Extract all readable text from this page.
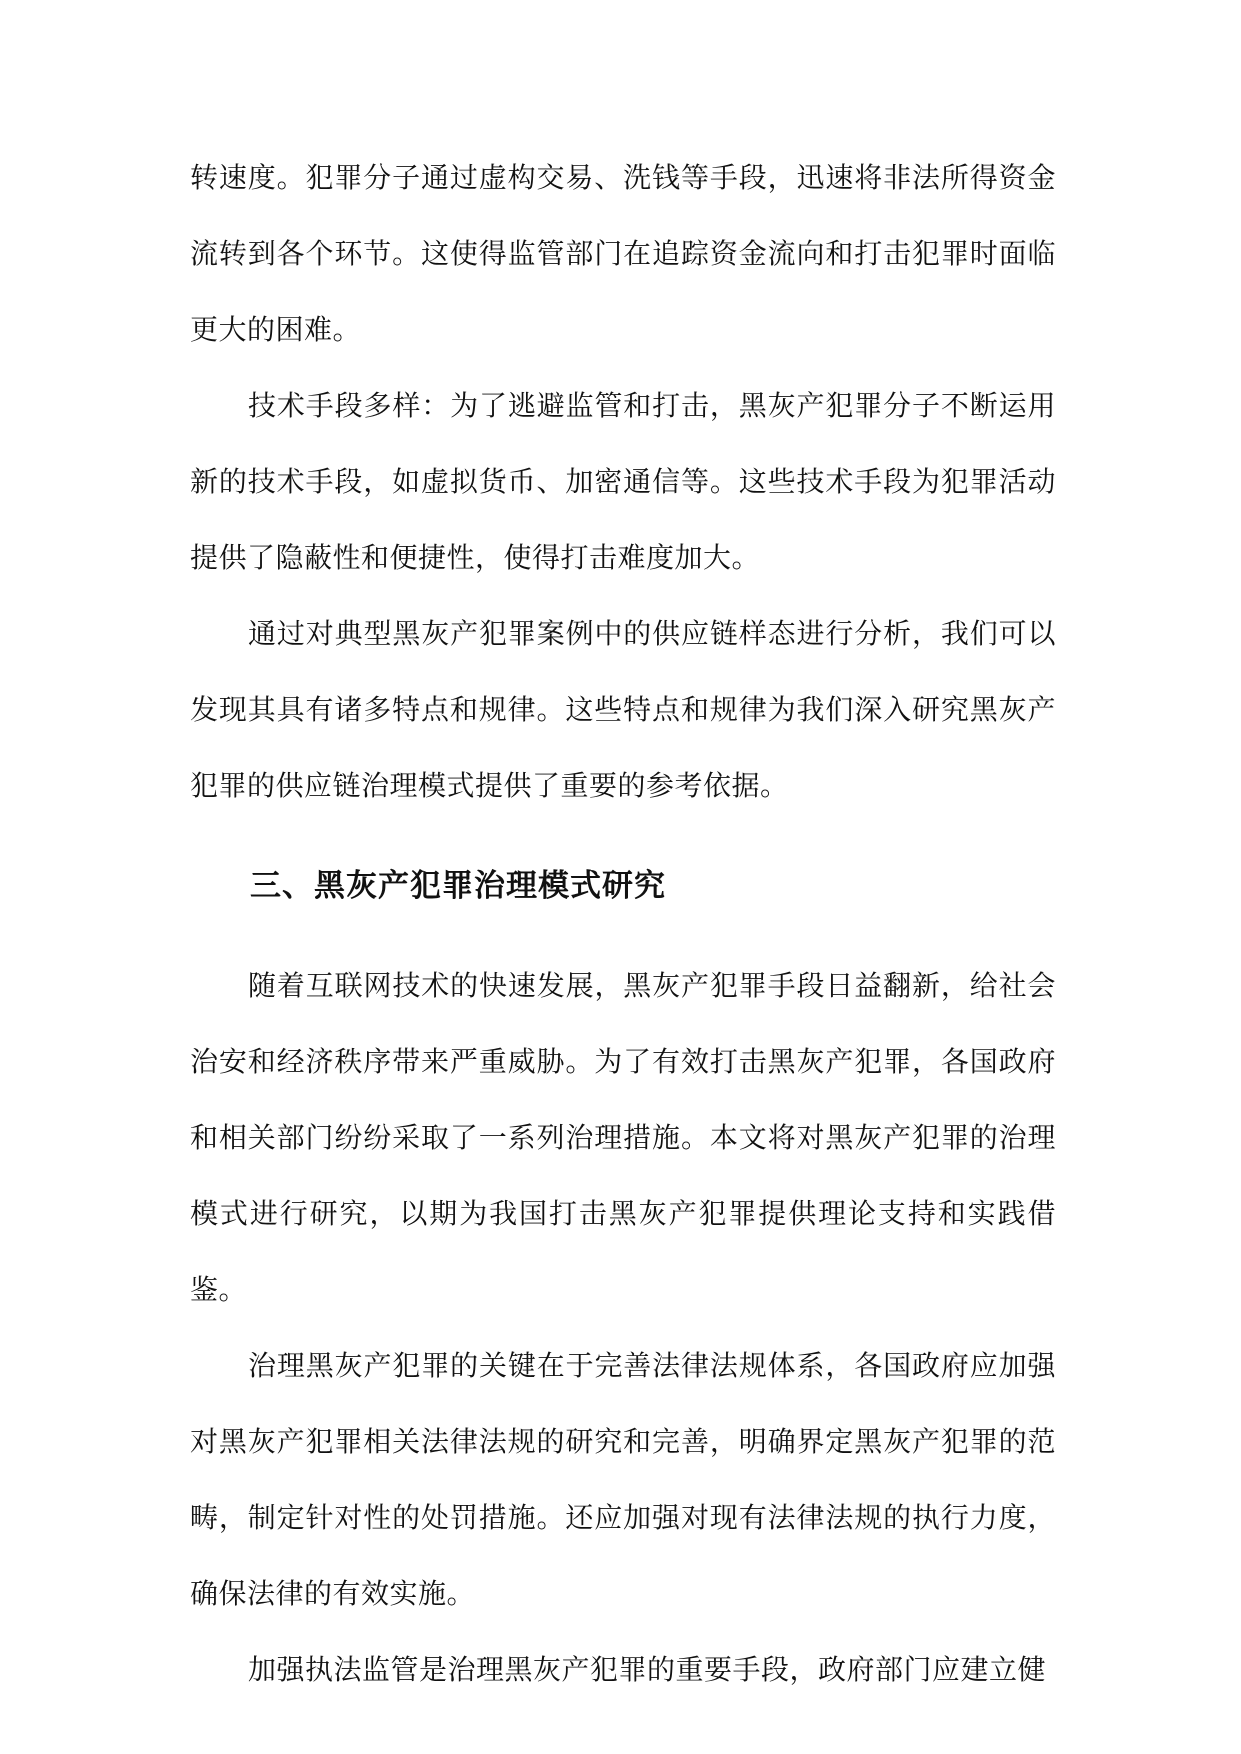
转速度。犯罪分子通过虚构交易、洗钱等手段，迅速将非法所得资金流转到各个环节。这使得监管部门在追踪资金流向和打击犯罪时面临更大的困难。

技术手段多样：为了逃避监管和打击，黑灰产犯罪分子不断运用新的技术手段，如虚拟货币、加密通信等。这些技术手段为犯罪活动提供了隐蔽性和便捷性，使得打击难度加大。

通过对典型黑灰产犯罪案例中的供应链样态进行分析，我们可以发现其具有诸多特点和规律。这些特点和规律为我们深入研究黑灰产犯罪的供应链治理模式提供了重要的参考依据。

三、黑灰产犯罪治理模式研究

随着互联网技术的快速发展，黑灰产犯罪手段日益翻新，给社会治安和经济秩序带来严重威胁。为了有效打击黑灰产犯罪，各国政府和相关部门纷纷采取了一系列治理措施。本文将对黑灰产犯罪的治理模式进行研究，以期为我国打击黑灰产犯罪提供理论支持和实践借鉴。

治理黑灰产犯罪的关键在于完善法律法规体系，各国政府应加强对黑灰产犯罪相关法律法规的研究和完善，明确界定黑灰产犯罪的范畴，制定针对性的处罚措施。还应加强对现有法律法规的执行力度，确保法律的有效实施。

加强执法监管是治理黑灰产犯罪的重要手段，政府部门应建立健
